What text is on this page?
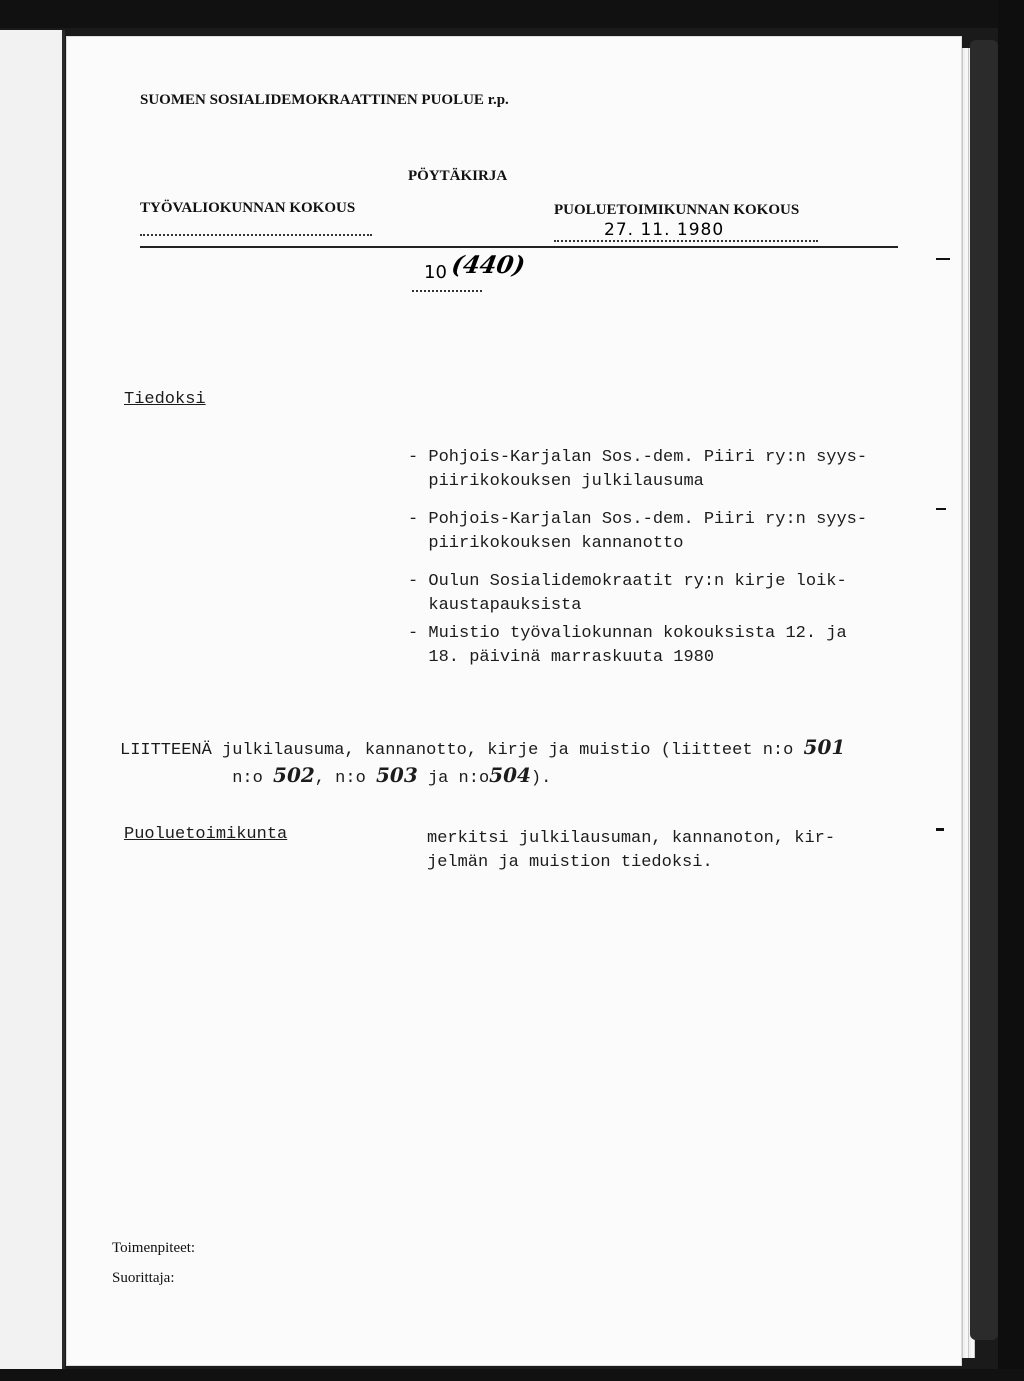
SUOMEN SOSIALIDEMOKRAATTINEN PUOLUE r.p.
PÖYTÄKIRJA
TYÖVALIOKUNNAN KOKOUS	PUOLUETOIMIKUNNAN KOKOUS
27. 11. 1980
10 (440)
Tiedoksi
- Pohjois-Karjalan Sos.-dem. Piiri ry:n syys-
piirikokouksen julkilausuma
- Pohjois-Karjalan Sos.-dem. Piiri ry:n syys-
piirikokouksen kannanotto
- Oulun Sosialidemokraatit ry:n kirje loik-
kaustapauksista
- Muistio työvaliokunnan kokouksista 12. ja
18. päivinä marraskuuta 1980
LIITTEENÄ julkilausuma, kannanotto, kirje ja muistio (liitteet n:o 501
n:o 502, n:o 503 ja n:o504).
Puoluetoimikunta	merkitsi julkilausuman, kannanoton, kir-
jelmän ja muistion tiedoksi.
Toimenpiteet:
Suorittaja:
